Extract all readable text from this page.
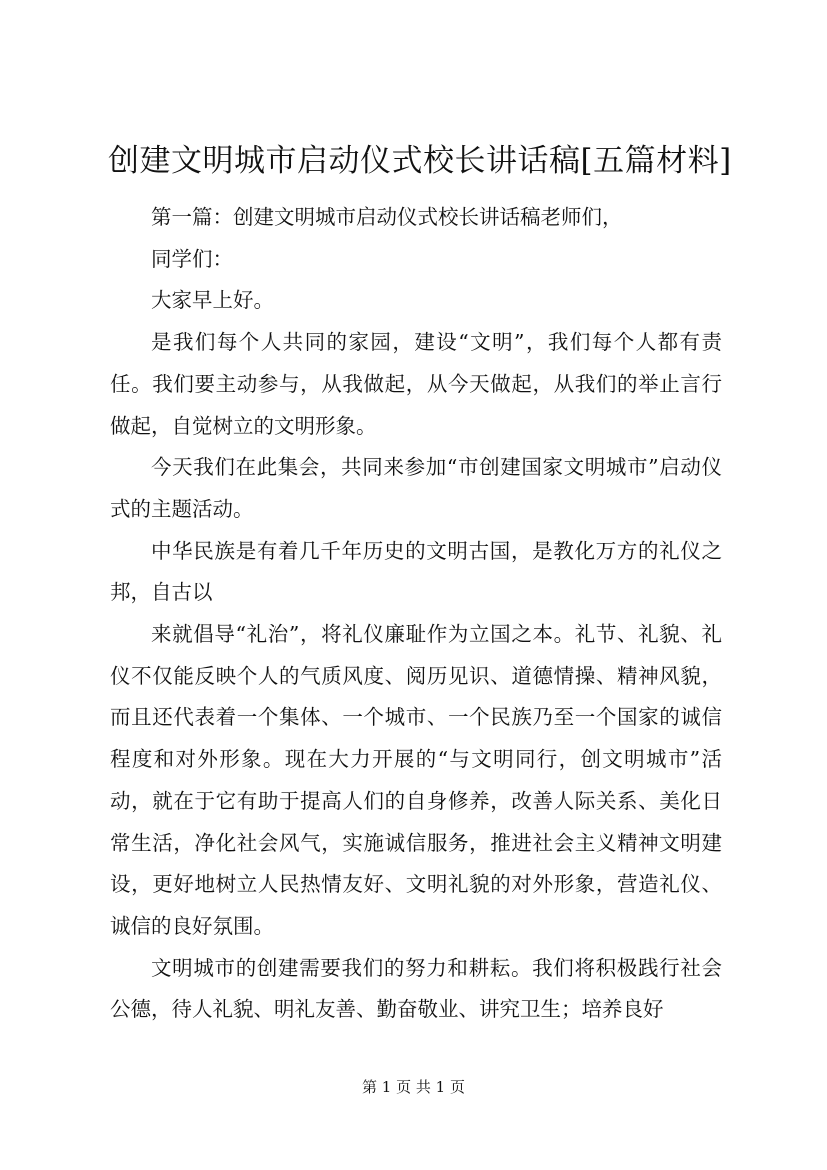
创建文明城市启动仪式校长讲话稿[五篇材料]

第一篇：创建文明城市启动仪式校长讲话稿老师们，

同学们：

大家早上好。

是我们每个人共同的家园，建设“文明”，我们每个人都有责任。我们要主动参与，从我做起，从今天做起，从我们的举止言行做起，自觉树立的文明形象。

今天我们在此集会，共同来参加“市创建国家文明城市”启动仪式的主题活动。

中华民族是有着几千年历史的文明古国，是教化万方的礼仪之邦，自古以

来就倡导“礼治”，将礼仪廉耻作为立国之本。礼节、礼貌、礼仪不仅能反映个人的气质风度、阅历见识、道德情操、精神风貌，而且还代表着一个集体、一个城市、一个民族乃至一个国家的诚信程度和对外形象。现在大力开展的“与文明同行，创文明城市”活动，就在于它有助于提高人们的自身修养，改善人际关系、美化日常生活，净化社会风气，实施诚信服务，推进社会主义精神文明建设，更好地树立人民热情友好、文明礼貌的对外形象，营造礼仪、诚信的良好氛围。

文明城市的创建需要我们的努力和耕耘。我们将积极践行社会公德，待人礼貌、明礼友善、勤奋敬业、讲究卫生；培养良好

第 1 页 共 1 页
